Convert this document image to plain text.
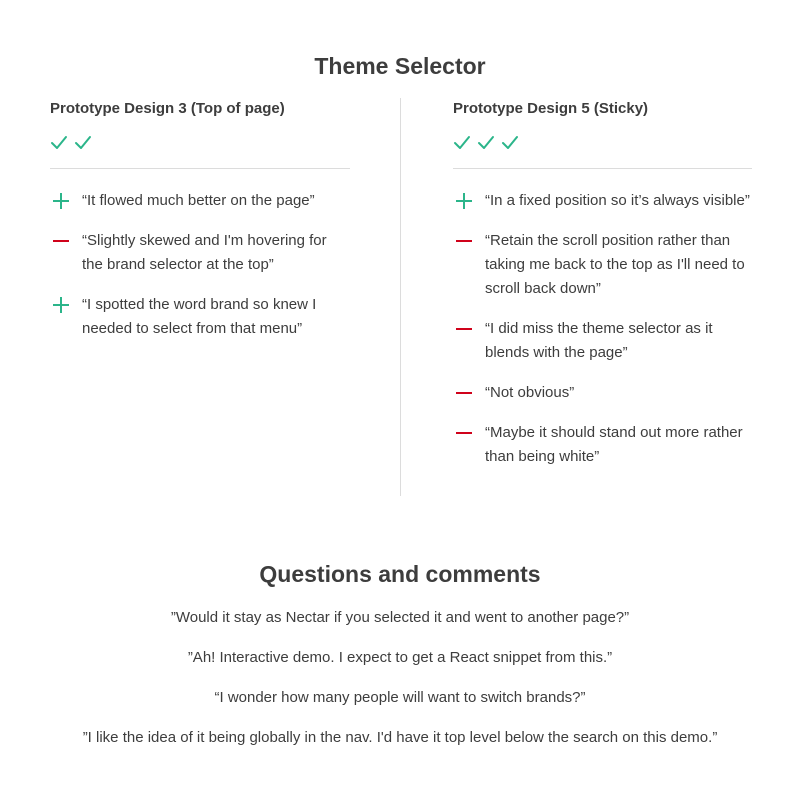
Theme Selector
Prototype Design 3 (Top of page)
“It flowed much better on the page”
“Slightly skewed and I'm hovering for the brand selector at the top”
“I spotted the word brand so knew I needed to select from that menu”
Prototype Design 5 (Sticky)
“In a fixed position so it’s always visible”
“Retain the scroll position rather than taking me back to the top as I'll need to scroll back down”
“I did miss the theme selector as it blends with the page”
“Not obvious”
“Maybe it should stand out more rather than being white”
Questions and comments
”Would it stay as Nectar if you selected it and went to another page?”
”Ah! Interactive demo. I expect to get a React snippet from this.”
“I wonder how many people will want to switch brands?”
”I like the idea of it being globally in the nav. I'd have it top level below the search on this demo.”
